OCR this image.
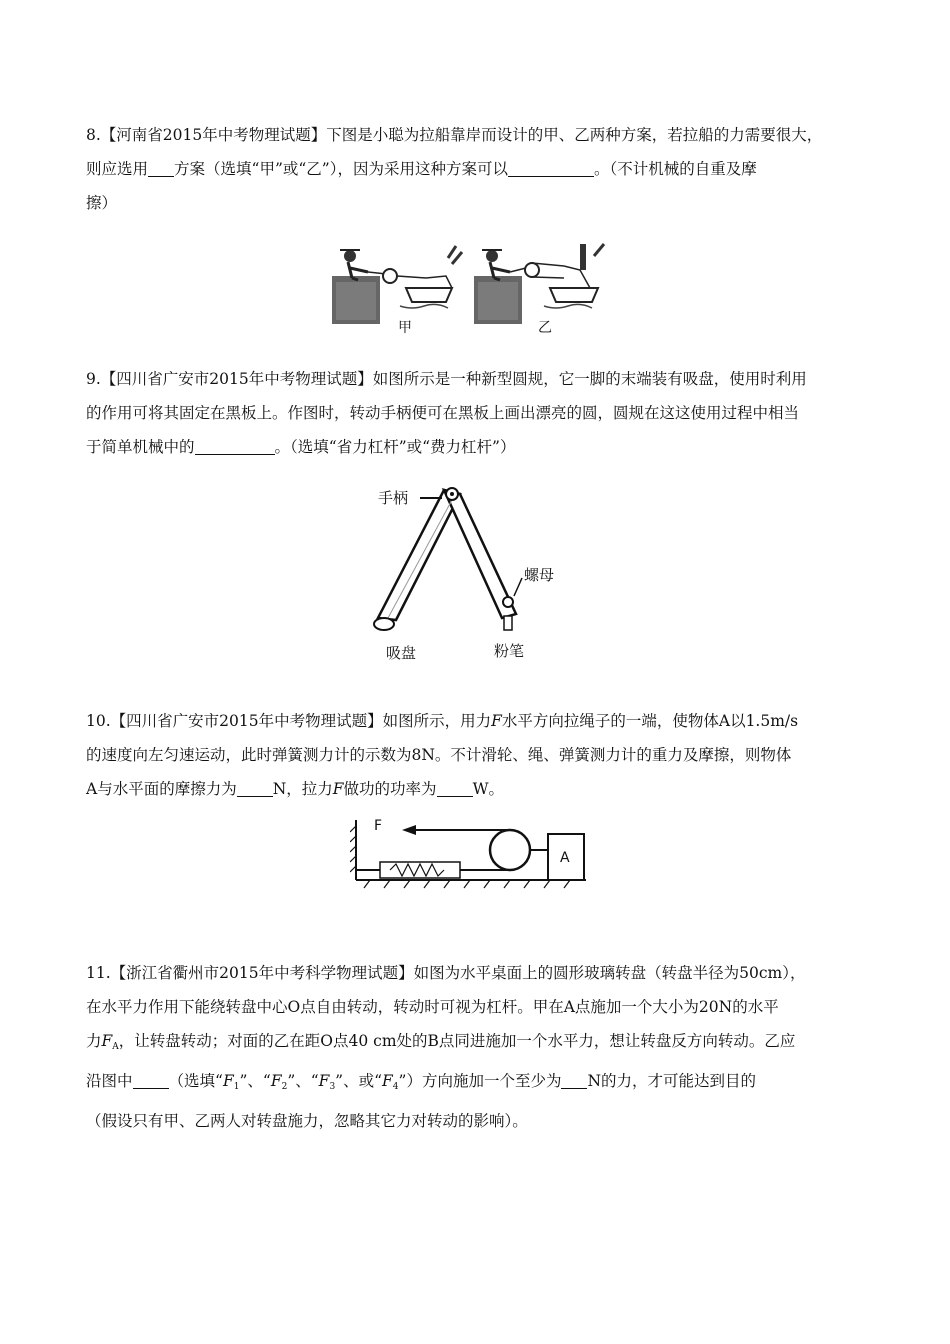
8.【河南省2015年中考物理试题】下图是小聪为拉船靠岸而设计的甲、乙两种方案，若拉船的力需要很大，

则应选用 方案（选填“甲”或“乙”），因为采用这种方案可以	。（不计机械的自重及摩

擦）

甲	乙

9.【四川省广安市2015年中考物理试题】如图所示是一种新型圆规，它一脚的末端装有吸盘，使用时利用

的作用可将其固定在黑板上。作图时，转动手柄便可在黑板上画出漂亮的圆，圆规在这这使用过程中相当

于简单机械中的	。（选填“省力杠杆”或“费力杠杆”）

手柄
吸盘
螺母
粉笔

10.【四川省广安市2015年中考物理试题】如图所示，用力F水平方向拉绳子的一端，使物体A以1.5m/s

的速度向左匀速运动，此时弹簧测力计的示数为8N。不计滑轮、绳、弹簧测力计的重力及摩擦，则物体

A与水平面的摩擦力为 N，拉力F做功的功率为 W。

F
A

11.【浙江省衢州市2015年中考科学物理试题】如图为水平桌面上的圆形玻璃转盘（转盘半径为50cm），

在水平力作用下能绕转盘中心O点自由转动，转动时可视为杠杆。甲在A点施加一个大小为20N的水平

力$F_A$，让转盘转动；对面的乙在距O点40 cm处的B点同进施加一个水平力，想让转盘反方向转动。乙应

沿图中 （选填“$F_1$”、“$F_2$”、“$F_3$”、或“$F_4$”）方向施加一个至少为 N的力，才可能达到目的

（假设只有甲、乙两人对转盘施力，忽略其它力对转动的影响）。
